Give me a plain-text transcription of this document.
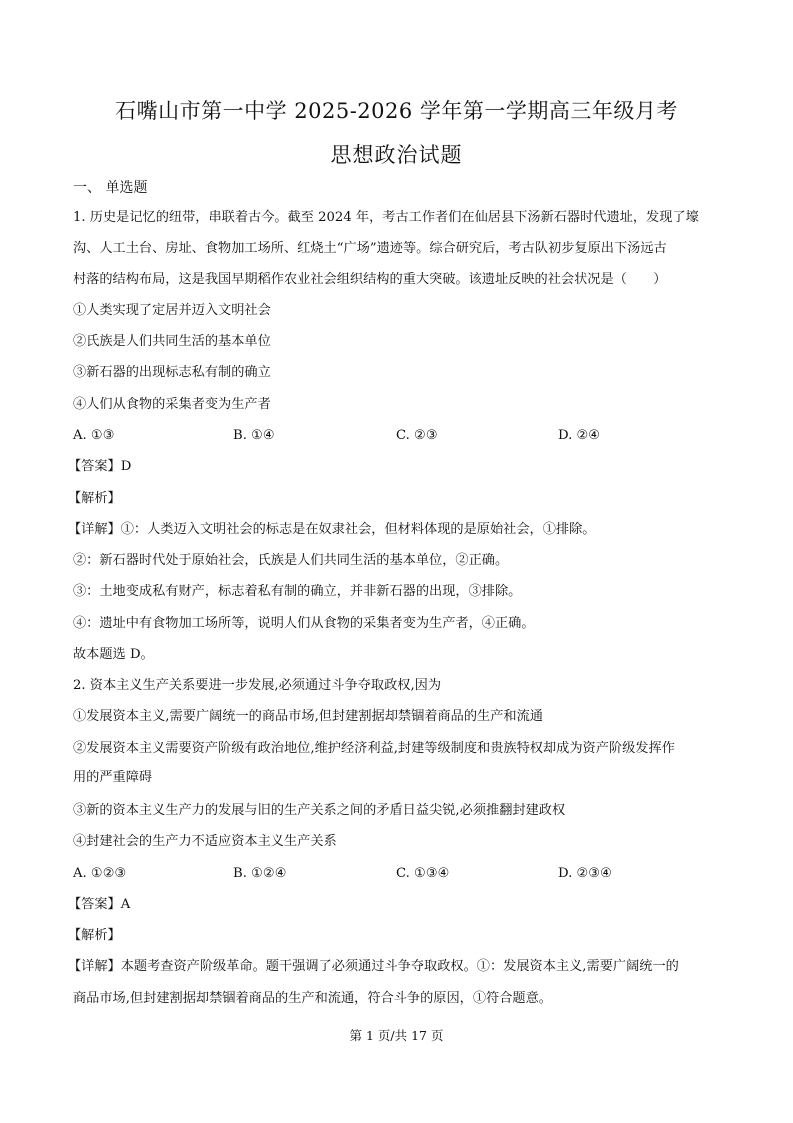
石嘴山市第一中学 2025-2026 学年第一学期高三年级月考
思想政治试题
一、 单选题
1. 历史是记忆的纽带，串联着古今。截至 2024 年，考古工作者们在仙居县下汤新石器时代遗址，发现了壕
沟、人工土台、房址、食物加工场所、红烧土“广场”遗迹等。综合研究后，考古队初步复原出下汤远古
村落的结构布局，这是我国早期稻作农业社会组织结构的重大突破。该遗址反映的社会状况是（　　）
①人类实现了定居并迈入文明社会
②氏族是人们共同生活的基本单位
③新石器的出现标志私有制的确立
④人们从食物的采集者变为生产者
A. ①③	B. ①④	C. ②③	D. ②④
【答案】D
【解析】
【详解】①：人类迈入文明社会的标志是在奴隶社会，但材料体现的是原始社会，①排除。
②：新石器时代处于原始社会，氏族是人们共同生活的基本单位，②正确。
③：土地变成私有财产，标志着私有制的确立，并非新石器的出现，③排除。
④：遗址中有食物加工场所等，说明人们从食物的采集者变为生产者，④正确。
故本题选 D。
2. 资本主义生产关系要进一步发展,必须通过斗争夺取政权,因为
①发展资本主义,需要广阔统一的商品市场,但封建割据却禁锢着商品的生产和流通
②发展资本主义需要资产阶级有政治地位,维护经济利益,封建等级制度和贵族特权却成为资产阶级发挥作
用的严重障碍
③新的资本主义生产力的发展与旧的生产关系之间的矛盾日益尖锐,必须推翻封建政权
④封建社会的生产力不适应资本主义生产关系
A. ①②③	B. ①②④	C. ①③④	D. ②③④
【答案】A
【解析】
【详解】本题考查资产阶级革命。题干强调了必须通过斗争夺取政权。①：发展资本主义,需要广阔统一的
商品市场,但封建割据却禁锢着商品的生产和流通，符合斗争的原因，①符合题意。
第 1 页/共 17 页
